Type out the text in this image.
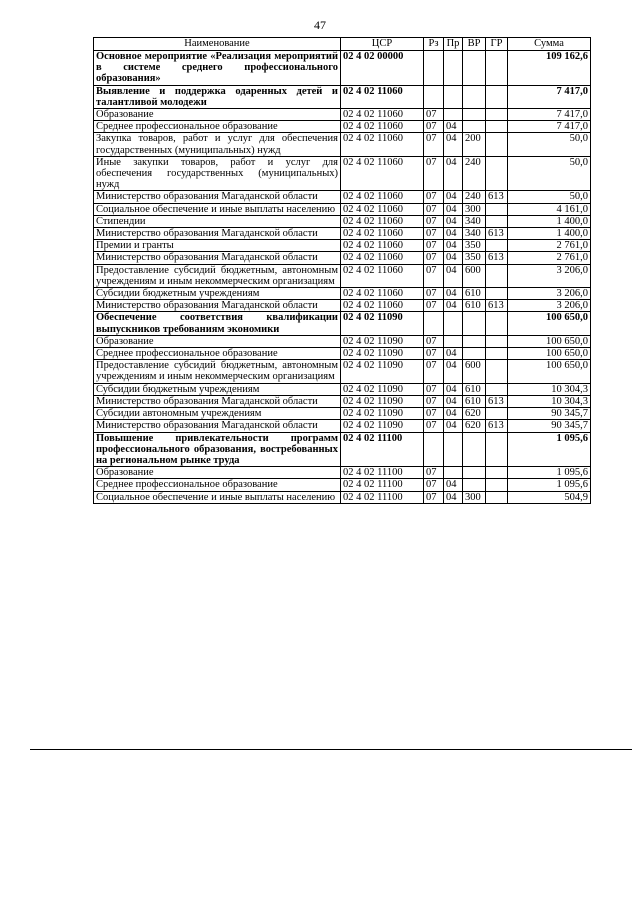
47
Наименование	ЦСР	Рз	Пр	ВР	ГР	Сумма
Основное мероприятие «Реализация мероприятий в системе среднего профессионального образования»	02 4 02 00000					109 162,6
Выявление и поддержка одаренных детей и талантливой молодежи	02 4 02 11060					7 417,0
Образование	02 4 02 11060	07				7 417,0
Среднее профессиональное образование	02 4 02 11060	07	04			7 417,0
Закупка товаров, работ и услуг для обеспечения государственных (муниципальных) нужд	02 4 02 11060	07	04	200		50,0
Иные закупки товаров, работ и услуг для обеспечения государственных (муниципальных) нужд	02 4 02 11060	07	04	240		50,0
Министерство образования Магаданской области	02 4 02 11060	07	04	240	613	50,0
Социальное обеспечение и иные выплаты населению	02 4 02 11060	07	04	300		4 161,0
Стипендии	02 4 02 11060	07	04	340		1 400,0
Министерство образования Магаданской области	02 4 02 11060	07	04	340	613	1 400,0
Премии и гранты	02 4 02 11060	07	04	350		2 761,0
Министерство образования Магаданской области	02 4 02 11060	07	04	350	613	2 761,0
Предоставление субсидий бюджетным, автономным учреждениям и иным некоммерческим организациям	02 4 02 11060	07	04	600		3 206,0
Субсидии бюджетным учреждениям	02 4 02 11060	07	04	610		3 206,0
Министерство образования Магаданской области	02 4 02 11060	07	04	610	613	3 206,0
Обеспечение соответствия квалификации выпускников требованиям экономики	02 4 02 11090					100 650,0
Образование	02 4 02 11090	07				100 650,0
Среднее профессиональное образование	02 4 02 11090	07	04			100 650,0
Предоставление субсидий бюджетным, автономным учреждениям и иным некоммерческим организациям	02 4 02 11090	07	04	600		100 650,0
Субсидии бюджетным учреждениям	02 4 02 11090	07	04	610		10 304,3
Министерство образования Магаданской области	02 4 02 11090	07	04	610	613	10 304,3
Субсидии автономным учреждениям	02 4 02 11090	07	04	620		90 345,7
Министерство образования Магаданской области	02 4 02 11090	07	04	620	613	90 345,7
Повышение привлекательности программ профессионального образования, востребованных на региональном рынке труда	02 4 02 11100					1 095,6
Образование	02 4 02 11100	07				1 095,6
Среднее профессиональное образование	02 4 02 11100	07	04			1 095,6
Социальное обеспечение и иные выплаты населению	02 4 02 11100	07	04	300		504,9
